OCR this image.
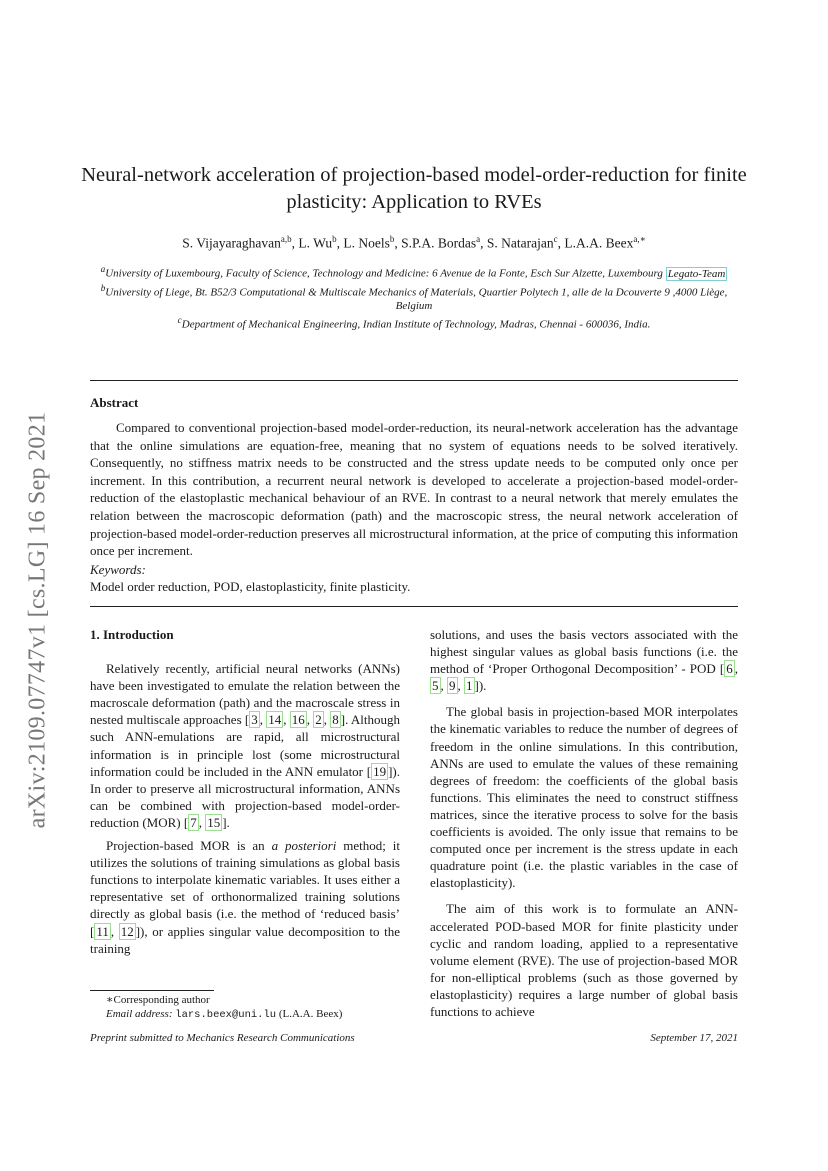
arXiv:2109.07747v1 [cs.LG] 16 Sep 2021
Neural-network acceleration of projection-based model-order-reduction for finite plasticity: Application to RVEs
S. Vijayaraghavan$^{a,b}$, L. Wu$^b$, L. Noels$^b$, S.P.A. Bordas$^a$, S. Natarajan$^c$, L.A.A. Beex$^{a,∗}$

$^a$University of Luxembourg, Faculty of Science, Technology and Medicine: 6 Avenue de la Fonte, Esch Sur Alzette, Luxembourg Legato-Team

$^b$University of Liege, Bt. B52/3 Computational & Multiscale Mechanics of Materials, Quartier Polytech 1, alle de la Dcouverte 9 ,4000 Liège, Belgium

$^c$Department of Mechanical Engineering, Indian Institute of Technology, Madras, Chennai - 600036, India.

Abstract

Compared to conventional projection-based model-order-reduction, its neural-network acceleration has the advantage that the online simulations are equation-free, meaning that no system of equations needs to be solved iteratively. Consequently, no stiffness matrix needs to be constructed and the stress update needs to be computed only once per increment. In this contribution, a recurrent neural network is developed to accelerate a projection-based model-order-reduction of the elastoplastic mechanical behaviour of an RVE. In contrast to a neural network that merely emulates the relation between the macroscopic deformation (path) and the macroscopic stress, the neural network acceleration of projection-based model-order-reduction preserves all microstructural information, at the price of computing this information once per increment.

Keywords:
Model order reduction, POD, elastoplasticity, finite plasticity.

1. Introduction

Relatively recently, artificial neural networks (ANNs) have been investigated to emulate the relation between the macroscale deformation (path) and the macroscale stress in nested multiscale approaches [ 3 , 14 , 16 , 2 , 8 ]. Although such ANN-emulations are rapid, all microstructural information is in principle lost (some microstructural information could be included in the ANN emulator [ 19 ]). In order to preserve all microstructural information, ANNs can be combined with projection-based model-order-reduction (MOR) [ 7 , 15 ].

Projection-based MOR is an a posteriori method; it utilizes the solutions of training simulations as global basis functions to interpolate kinematic variables. It uses either a representative set of orthonormalized training solutions directly as global basis (i.e. the method of ‘reduced basis’ [ 11 , 12 ]), or applies singular value decomposition to the training

solutions, and uses the basis vectors associated with the highest singular values as global basis functions (i.e. the method of ‘Proper Orthogonal Decomposition’ - POD [ 6 , 5 , 9 , 1 ]).

The global basis in projection-based MOR interpolates the kinematic variables to reduce the number of degrees of freedom in the online simulations. In this contribution, ANNs are used to emulate the values of these remaining degrees of freedom: the coefficients of the global basis functions. This eliminates the need to construct stiffness matrices, since the iterative process to solve for the basis coefficients is avoided. The only issue that remains to be computed once per increment is the stress update in each quadrature point (i.e. the plastic variables in the case of elastoplasticity).

The aim of this work is to formulate an ANN-accelerated POD-based MOR for finite plasticity under cyclic and random loading, applied to a representative volume element (RVE). The use of projection-based MOR for non-elliptical problems (such as those governed by elastoplasticity) requires a large number of global basis functions to achieve

∗Corresponding author

Email address: lars.beex@uni.lu (L.A.A. Beex)

Preprint submitted to Mechanics Research Communications	September 17, 2021
